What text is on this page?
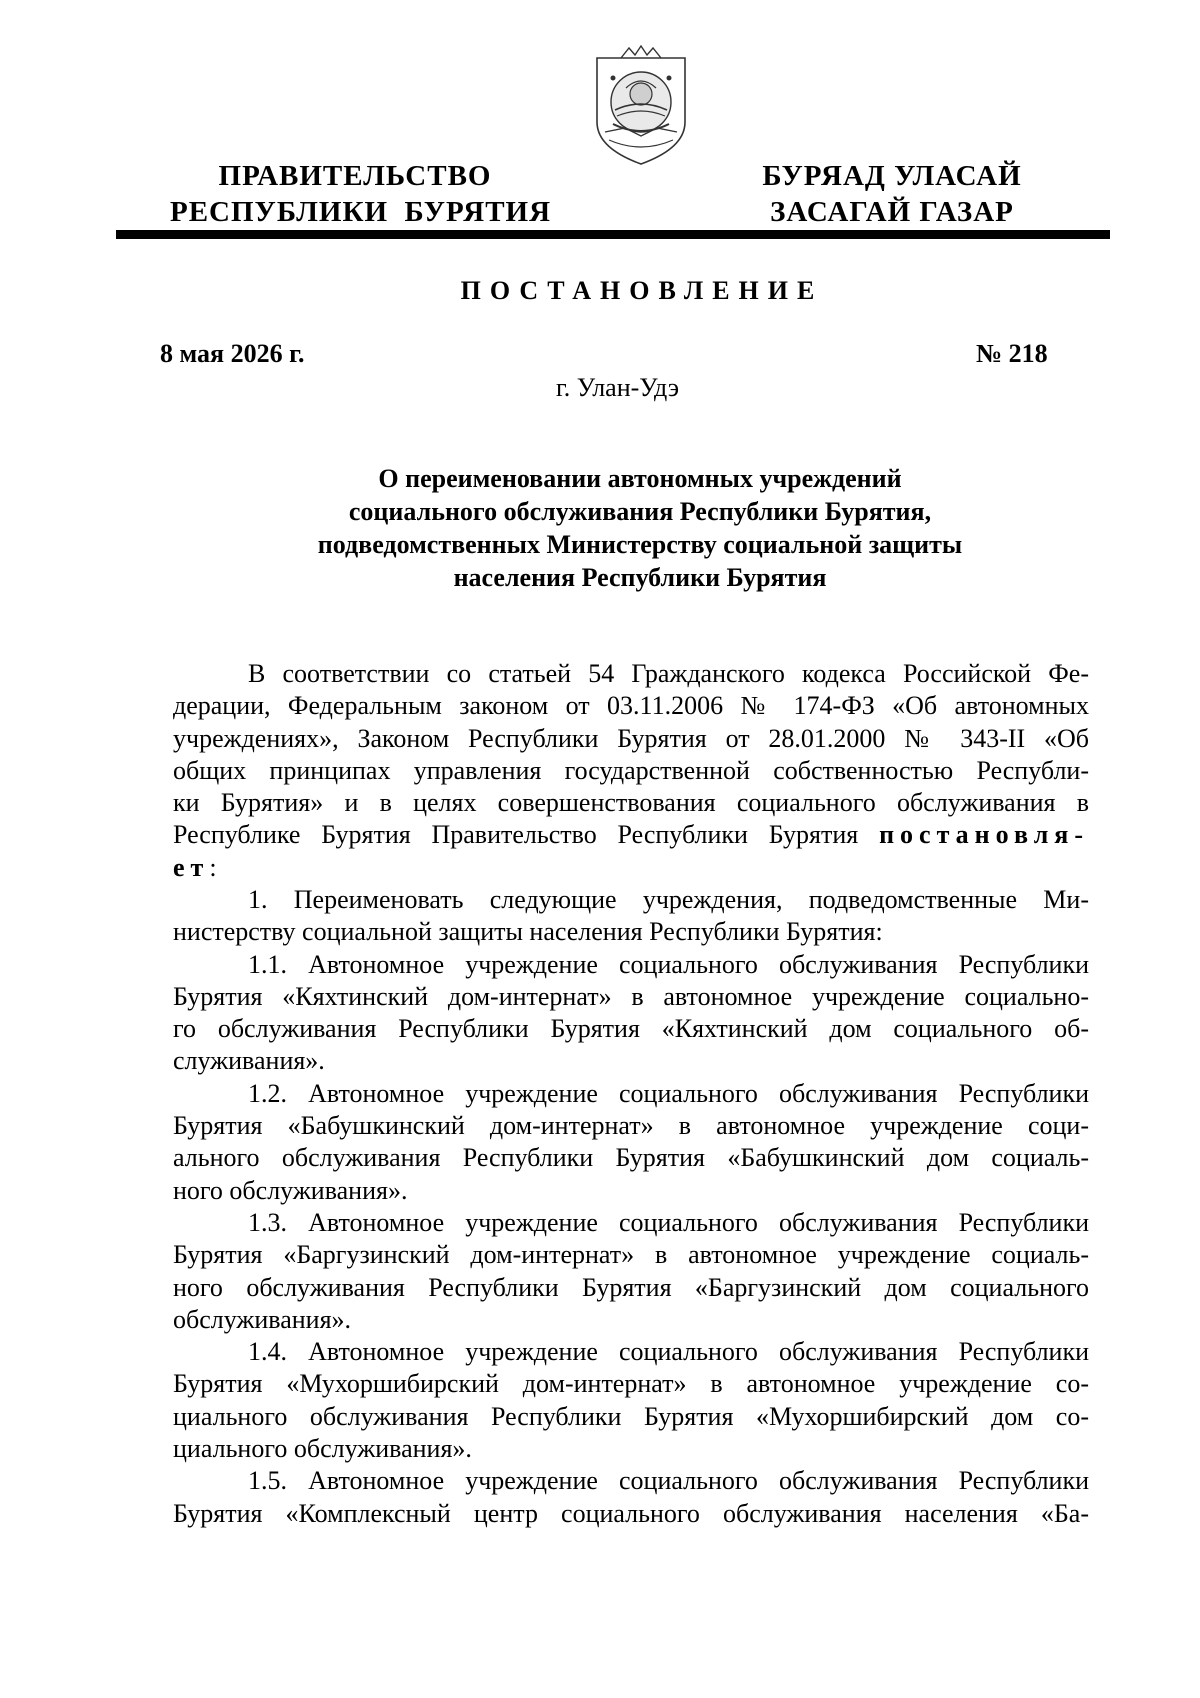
ПРАВИТЕЛЬСТВО
РЕСПУБЛИКИ  БУРЯТИЯ
БУРЯАД УЛАСАЙ
ЗАСАГАЙ ГАЗАР
ПОСТАНОВЛЕНИЕ
8 мая 2026 г.	№ 218
г. Улан-Удэ
О переименовании автономных учреждений
социального обслуживания Республики Бурятия,
подведомственных Министерству социальной защиты
населения Республики Бурятия
В соответствии со статьей 54 Гражданского кодекса Российской Фе-
дерации, Федеральным законом от 03.11.2006 № 174-ФЗ «Об автономных
учреждениях», Законом Республики Бурятия от 28.01.2000 № 343-II «Об
общих принципах управления государственной собственностью Республи-
ки Бурятия» и в целях совершенствования социального обслуживания в
Республике Бурятия Правительство Республики Бурятия постановля-
ет:
1. Переименовать следующие учреждения, подведомственные Ми-
нистерству социальной защиты населения Республики Бурятия:
1.1. Автономное учреждение социального обслуживания Республики
Бурятия «Кяхтинский дом-интернат» в автономное учреждение социально-
го обслуживания Республики Бурятия «Кяхтинский дом социального об-
служивания».
1.2. Автономное учреждение социального обслуживания Республики
Бурятия «Бабушкинский дом-интернат» в автономное учреждение соци-
ального обслуживания Республики Бурятия «Бабушкинский дом социаль-
ного обслуживания».
1.3. Автономное учреждение социального обслуживания Республики
Бурятия «Баргузинский дом-интернат» в автономное учреждение социаль-
ного обслуживания Республики Бурятия «Баргузинский дом социального
обслуживания».
1.4. Автономное учреждение социального обслуживания Республики
Бурятия «Мухоршибирский дом-интернат» в автономное учреждение со-
циального обслуживания Республики Бурятия «Мухоршибирский дом со-
циального обслуживания».
1.5. Автономное учреждение социального обслуживания Республики
Бурятия «Комплексный центр социального обслуживания населения «Ба-
